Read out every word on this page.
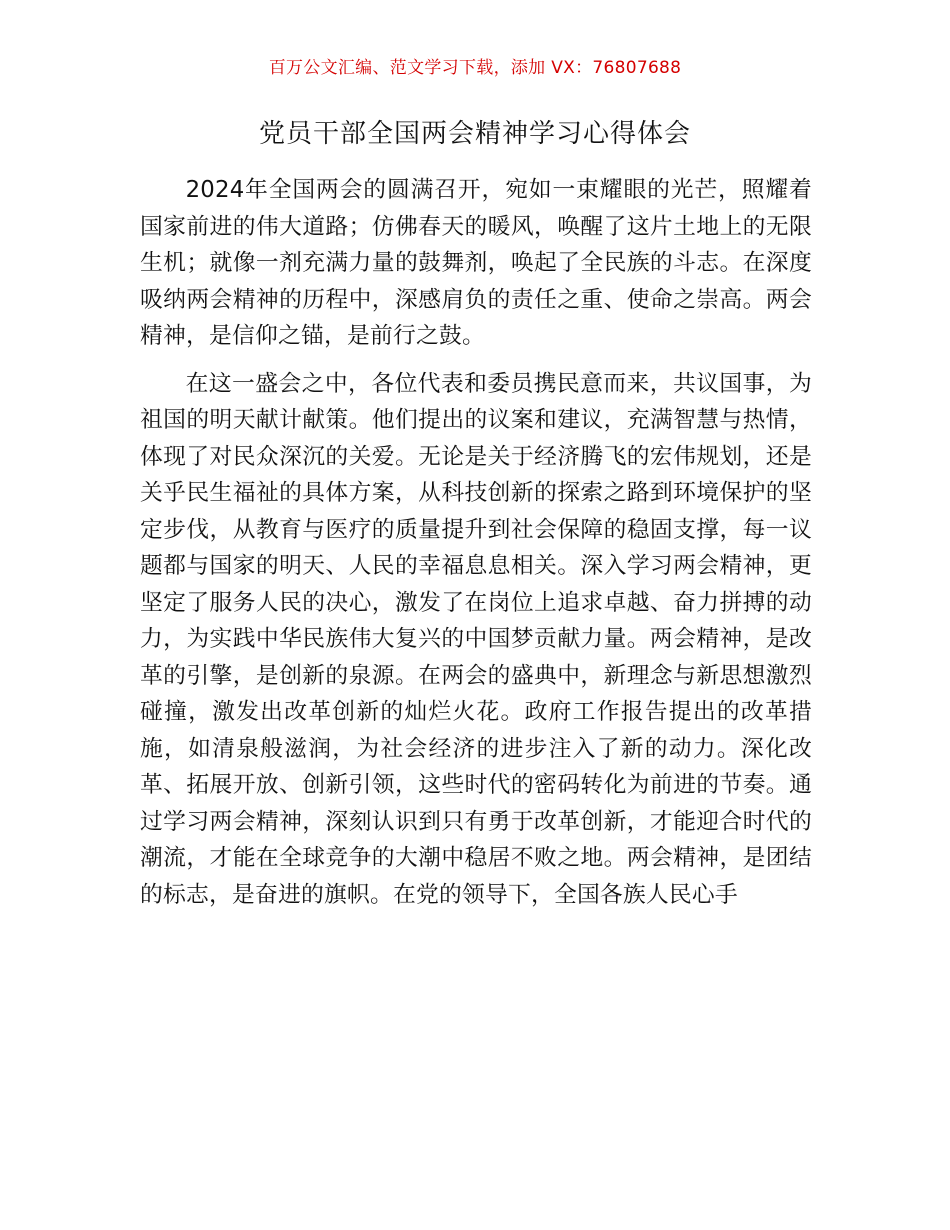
百万公文汇编、范文学习下载，添加 VX：76807688
党员干部全国两会精神学习心得体会

2024年全国两会的圆满召开，宛如一束耀眼的光芒，照耀着国家前进的伟大道路；仿佛春天的暖风，唤醒了这片土地上的无限生机；就像一剂充满力量的鼓舞剂，唤起了全民族的斗志。在深度吸纳两会精神的历程中，深感肩负的责任之重、使命之崇高。两会精神，是信仰之锚，是前行之鼓。

在这一盛会之中，各位代表和委员携民意而来，共议国事，为祖国的明天献计献策。他们提出的议案和建议，充满智慧与热情，体现了对民众深沉的关爱。无论是关于经济腾飞的宏伟规划，还是关乎民生福祉的具体方案，从科技创新的探索之路到环境保护的坚定步伐，从教育与医疗的质量提升到社会保障的稳固支撑，每一议题都与国家的明天、人民的幸福息息相关。深入学习两会精神，更坚定了服务人民的决心，激发了在岗位上追求卓越、奋力拼搏的动力，为实践中华民族伟大复兴的中国梦贡献力量。两会精神，是改革的引擎，是创新的泉源。在两会的盛典中，新理念与新思想激烈碰撞，激发出改革创新的灿烂火花。政府工作报告提出的改革措施，如清泉般滋润，为社会经济的进步注入了新的动力。深化改革、拓展开放、创新引领，这些时代的密码转化为前进的节奏。通过学习两会精神，深刻认识到只有勇于改革创新，才能迎合时代的潮流，才能在全球竞争的大潮中稳居不败之地。两会精神，是团结的标志，是奋进的旗帜。在党的领导下，全国各族人民心手
